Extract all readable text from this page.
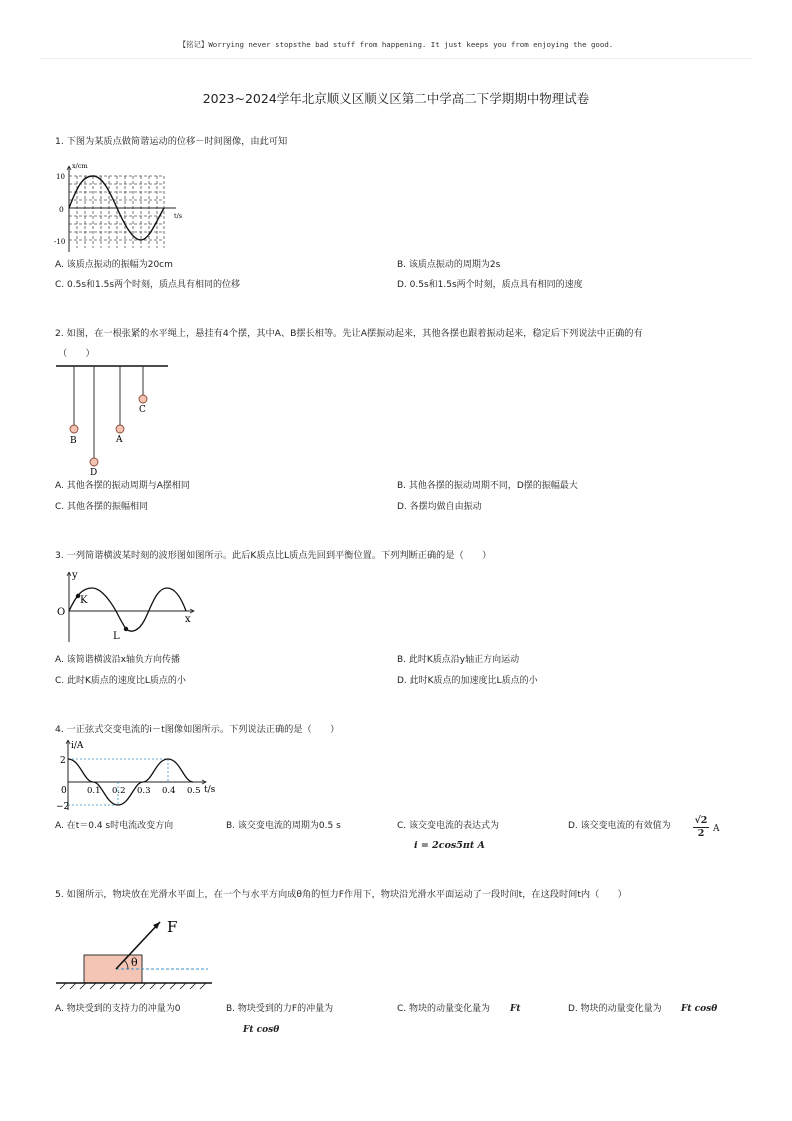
【铭记】Worrying never stopsthe bad stuff from happening. It just keeps you from enjoying the good.
2023~2024学年北京顺义区顺义区第二中学高二下学期期中物理试卷
1. 下图为某质点做简谐运动的位移－时间图像，由此可知
x/cm
t/s
10
0
-10
A. 该质点振动的振幅为20cm	B. 该质点振动的周期为2s
C. 0.5s和1.5s两个时刻，质点具有相同的位移	D. 0.5s和1.5s两个时刻，质点具有相同的速度
2. 如图，在一根张紧的水平绳上，悬挂有4个摆，其中A、B摆长相等。先让A摆振动起来，其他各摆也跟着振动起来，稳定后下列说法中正确的有
（　　）
B
D
A
C
A. 其他各摆的振动周期与A摆相同	B. 其他各摆的振动周期不同，D摆的振幅最大
C. 其他各摆的振幅相同	D. 各摆均做自由振动
3. 一列简谐横波某时刻的波形图如图所示。此后K质点比L质点先回到平衡位置。下列判断正确的是（　　）
y
x
O
K
L
A. 该简谐横波沿x轴负方向传播	B. 此时K质点沿y轴正方向运动
C. 此时K质点的速度比L质点的小	D. 此时K质点的加速度比L质点的小
4. 一正弦式交变电流的i－t图像如图所示。下列说法正确的是（　　）
i/A
t/s
2
0
−2
0.1 0.2 0.3 0.4 0.5
A. 在t＝0.4 s时电流改变方向	B. 该交变电流的周期为0.5 s	C. 该交变电流的表达式为
i = 2cos5πt A
D. 该交变电流的有效值为 $\frac{√2}{2}$ A
5. 如图所示，物块放在光滑水平面上，在一个与水平方向成θ角的恒力F作用下，物块沿光滑水平面运动了一段时间t，在这段时间t内（　　）
F
θ
A. 物块受到的支持力的冲量为0	B. 物块受到的力F的冲量为
Ft cosθ
C. 物块的动量变化量为 Ft	D. 物块的动量变化量为 Ft cosθ
